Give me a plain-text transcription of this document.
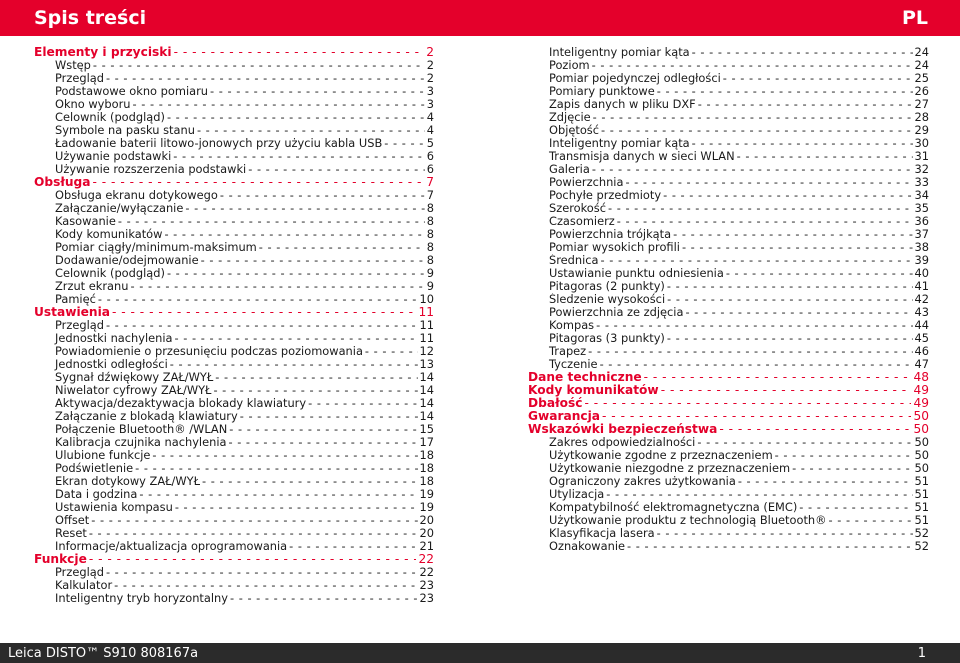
Spis treści	PL
Elementy i przyciski - - -	2
Wstęp - - -	2
Przegląd - - -	2
Podstawowe okno pomiaru - - -	3
Okno wyboru - - -	3
Celownik (podgląd) - - -	4
Symbole na pasku stanu - - -	4
Ładowanie baterii litowo-jonowych przy użyciu kabla USB - - -	5
Używanie podstawki - - -	6
Używanie rozszerzenia podstawki - - -	6
Obsługa - - -	7
Obsługa ekranu dotykowego - - -	7
Załączanie/wyłączanie - - -	8
Kasowanie - - -	8
Kody komunikatów - - -	8
Pomiar ciągły/minimum-maksimum - - -	8
Dodawanie/odejmowanie - - -	8
Celownik (podgląd) - - -	9
Zrzut ekranu - - -	9
Pamięć - - -	10
Ustawienia - - -	11
Przegląd - - -	11
Jednostki nachylenia - - -	11
Powiadomienie o przesunięciu podczas poziomowania - - -	12
Jednostki odległości - - -	13
Sygnał dźwiękowy ZAŁ/WYŁ - - -	14
Niwelator cyfrowy ZAŁ/WYŁ - - -	14
Aktywacja/dezaktywacja blokady klawiatury - - -	14
Załączanie z blokadą klawiatury - - -	14
Połączenie Bluetooth® /WLAN - - -	15
Kalibracja czujnika nachylenia - - -	17
Ulubione funkcje - - -	18
Podświetlenie - - -	18
Ekran dotykowy ZAŁ/WYŁ - - -	18
Data i godzina - - -	19
Ustawienia kompasu - - -	19
Offset - - -	20
Reset - - -	20
Informacje/aktualizacja oprogramowania - - -	21
Funkcje - - -	22
Przegląd - - -	22
Kalkulator - - -	23
Inteligentny tryb horyzontalny - - -	23
Inteligentny pomiar kąta - - -	24
Poziom - - -	24
Pomiar pojedynczej odległości - - -	25
Pomiary punktowe - - -	26
Zapis danych w pliku DXF - - -	27
Zdjęcie - - -	28
Objętość - - -	29
Inteligentny pomiar kąta - - -	30
Transmisja danych w sieci WLAN - - -	31
Galeria - - -	32
Powierzchnia - - -	33
Pochyłe przedmioty - - -	34
Szerokość - - -	35
Czasomierz - - -	36
Powierzchnia trójkąta - - -	37
Pomiar wysokich profili - - -	38
Średnica - - -	39
Ustawianie punktu odniesienia - - -	40
Pitagoras (2 punkty) - - -	41
Śledzenie wysokości - - -	42
Powierzchnia ze zdjęcia - - -	43
Kompas - - -	44
Pitagoras (3 punkty) - - -	45
Trapez - - -	46
Tyczenie - - -	47
Dane techniczne - - -	48
Kody komunikatów - - -	49
Dbałość - - -	49
Gwarancja - - -	50
Wskazówki bezpieczeństwa - - -	50
Zakres odpowiedzialności - - -	50
Użytkowanie zgodne z przeznaczeniem - - -	50
Użytkowanie niezgodne z przeznaczeniem - - -	50
Ograniczony zakres użytkowania - - -	51
Utylizacja - - -	51
Kompatybilność elektromagnetyczna (EMC) - - -	51
Użytkowanie produktu z technologią Bluetooth® - - -	51
Klasyfikacja lasera - - -	52
Oznakowanie - - -	52
Leica DISTO™ S910 808167a	1
